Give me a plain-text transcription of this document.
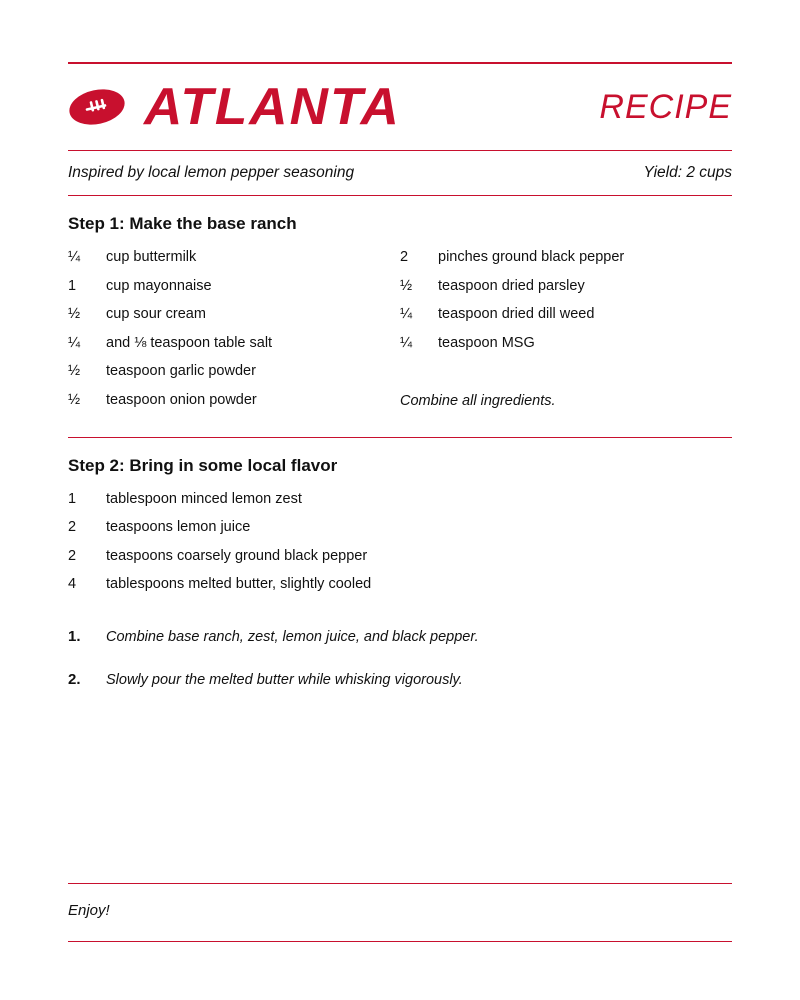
ATLANTA	RECIPE
Inspired by local lemon pepper seasoning	Yield: 2 cups
Step 1: Make the base ranch
¼	cup buttermilk
1	cup mayonnaise
½	cup sour cream
¼	and ⅛ teaspoon table salt
½	teaspoon garlic powder
½	teaspoon onion powder
2	pinches ground black pepper
½	teaspoon dried parsley
¼	teaspoon dried dill weed
¼	teaspoon MSG

Combine all ingredients.
Step 2: Bring in some local flavor
1	tablespoon minced lemon zest
2	teaspoons lemon juice
2	teaspoons coarsely ground black pepper
4	tablespoons melted butter, slightly cooled
1.	Combine base ranch, zest, lemon juice, and black pepper.
2.	Slowly pour the melted butter while whisking vigorously.
Enjoy!
